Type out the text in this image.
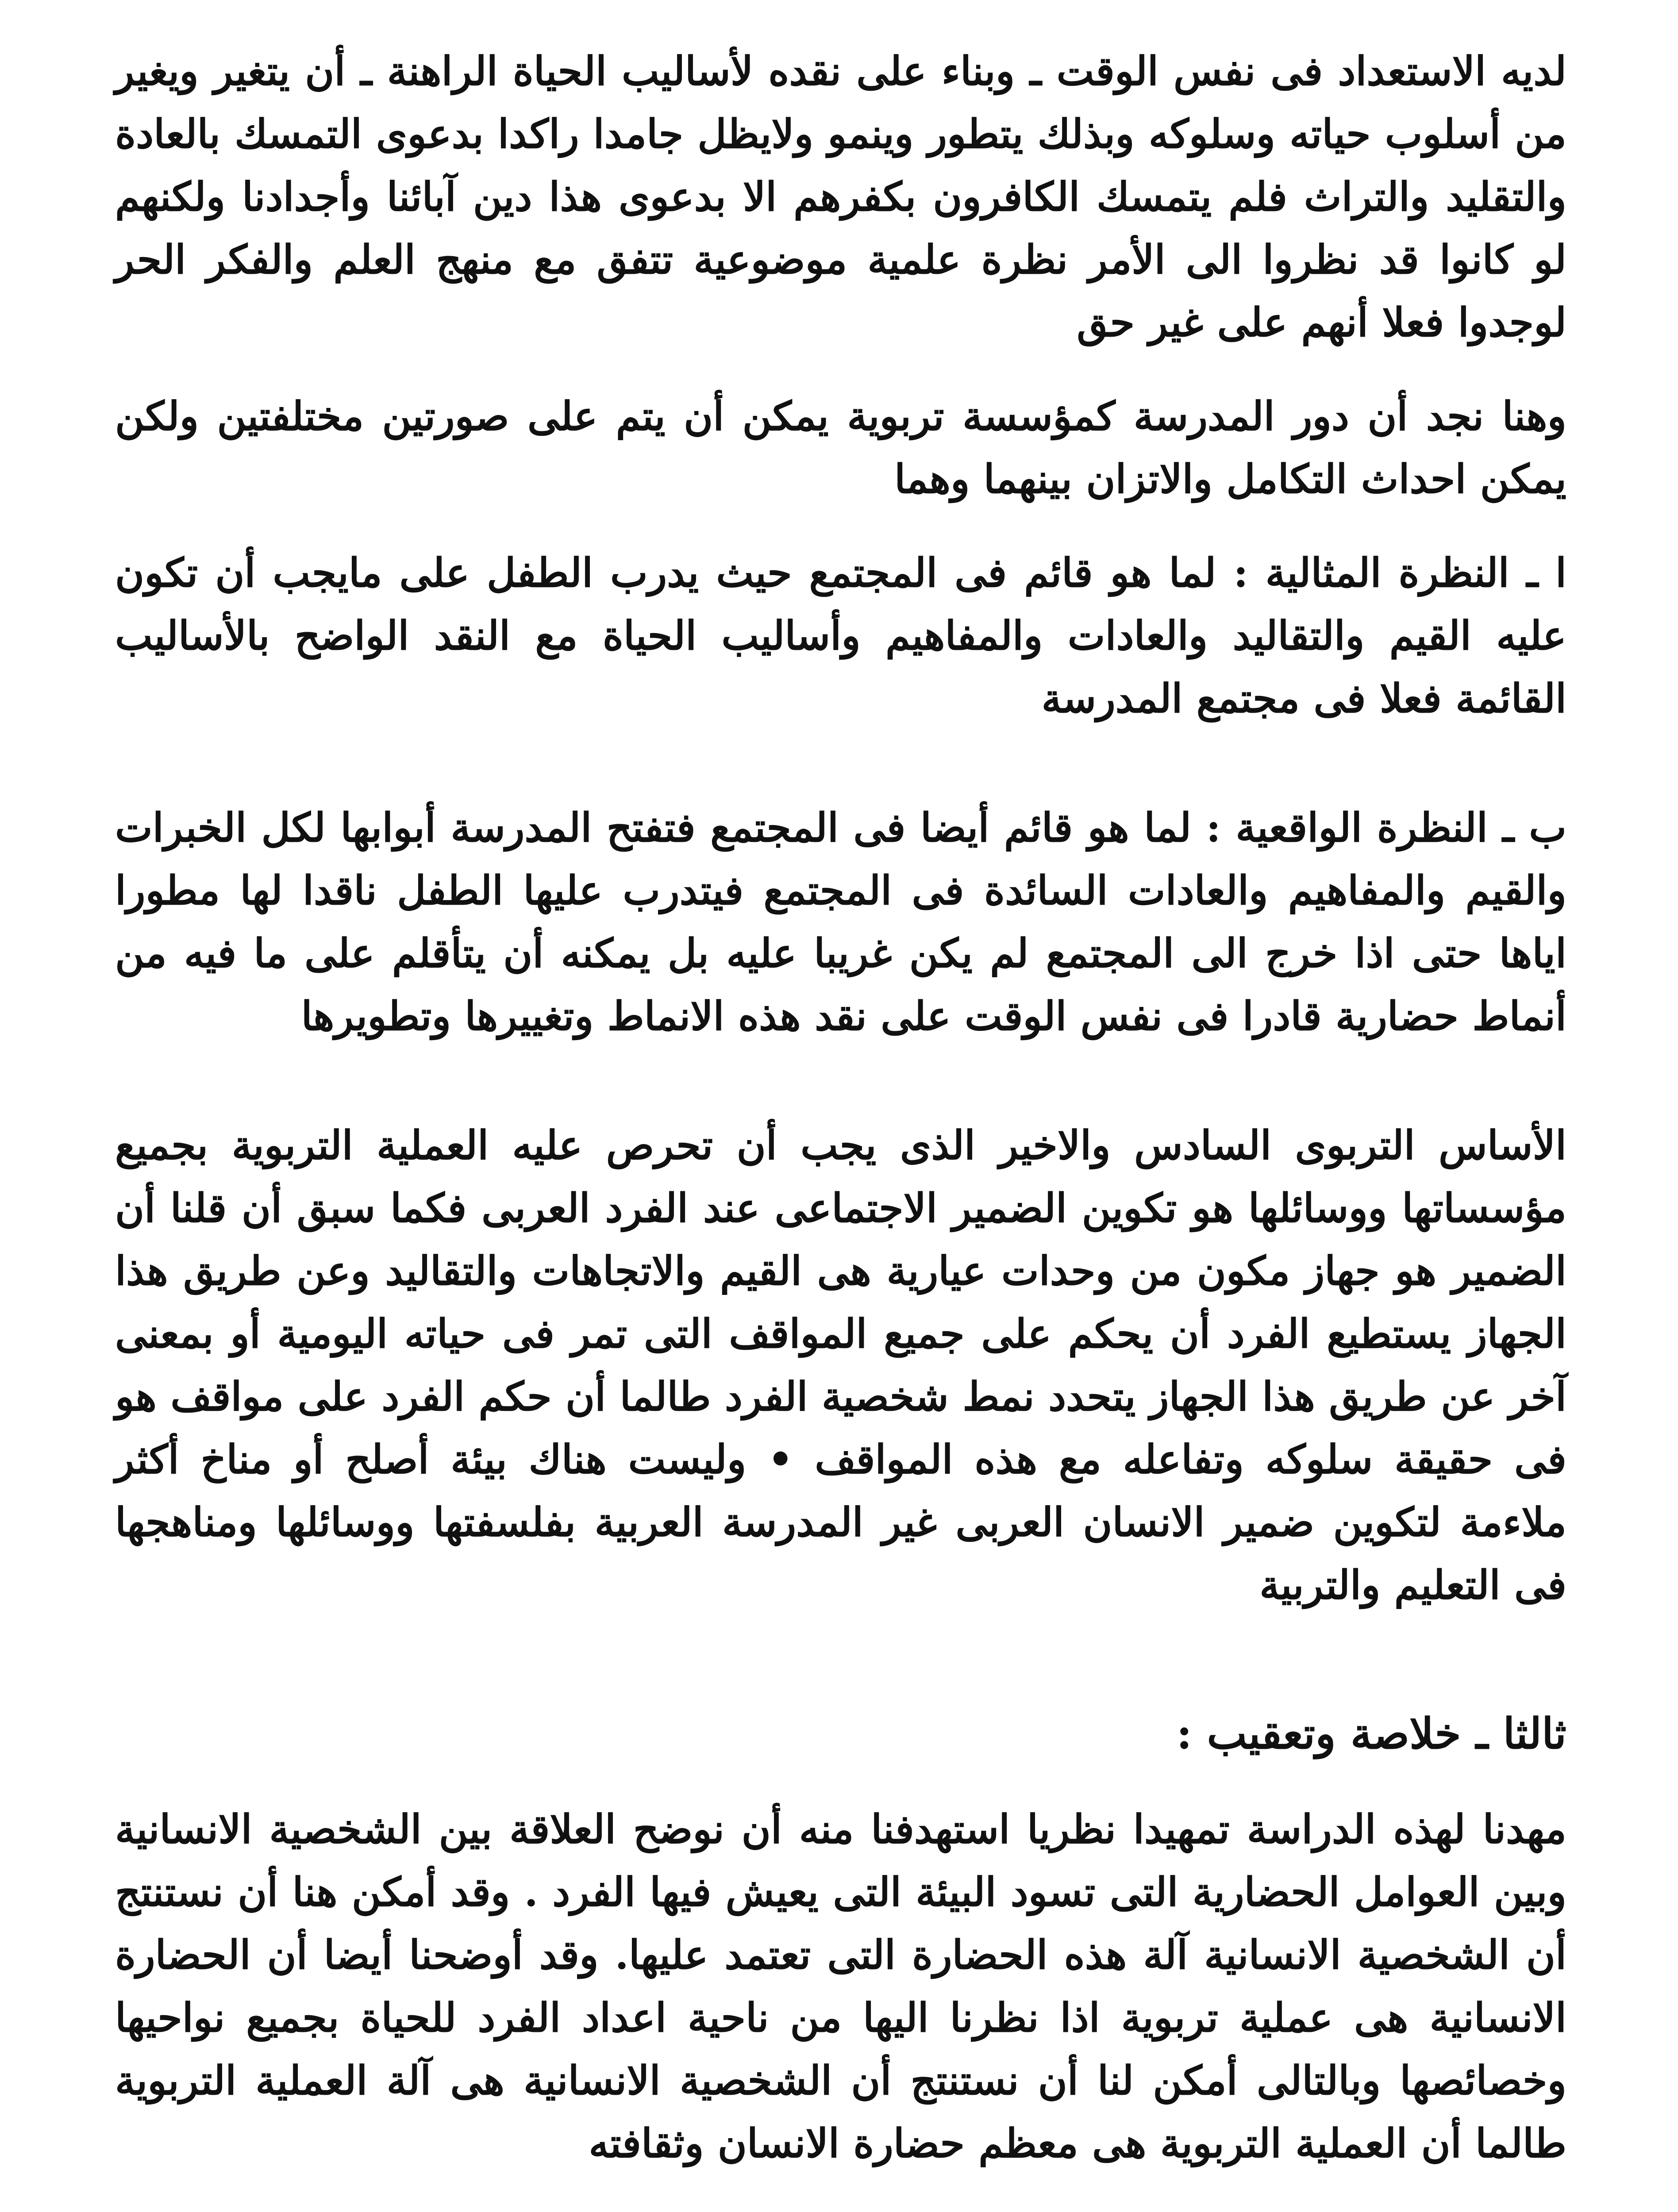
لديه الاستعداد فى نفس الوقت ـ وبناء على نقده لأساليب الحياة الراهنة ـ أن يتغير ويغير من أسلوب حياته وسلوكه وبذلك يتطور وينمو ولايظل جامدا راكدا بدعوى التمسك بالعادة والتقليد والتراث فلم يتمسك الكافرون بكفرهم الا بدعوى هذا دين آبائنا وأجدادنا ولكنهم لو كانوا قد نظروا الى الأمر نظرة علمية موضوعية تتفق مع منهج العلم والفكر الحر لوجدوا فعلا أنهم على غير حق

وهنا نجد أن دور المدرسة كمؤسسة تربوية يمكن أن يتم على صورتين مختلفتين ولكن يمكن احداث التكامل والاتزان بينهما وهما

ا ـ النظرة المثالية : لما هو قائم فى المجتمع حيث يدرب الطفل على مايجب أن تكون عليه القيم والتقاليد والعادات والمفاهيم وأساليب الحياة مع النقد الواضح بالأساليب القائمة فعلا فى مجتمع المدرسة

ب ـ النظرة الواقعية : لما هو قائم أيضا فى المجتمع فتفتح المدرسة أبوابها لكل الخبرات والقيم والمفاهيم والعادات السائدة فى المجتمع فيتدرب عليها الطفل ناقدا لها مطورا اياها حتى اذا خرج الى المجتمع لم يكن غريبا عليه بل يمكنه أن يتأقلم على ما فيه من أنماط حضارية قادرا فى نفس الوقت على نقد هذه الانماط وتغييرها وتطويرها

الأساس التربوى السادس والاخير الذى يجب أن تحرص عليه العملية التربوية بجميع مؤسساتها ووسائلها هو تكوين الضمير الاجتماعى عند الفرد العربى فكما سبق أن قلنا أن الضمير هو جهاز مكون من وحدات عيارية هى القيم والاتجاهات والتقاليد وعن طريق هذا الجهاز يستطيع الفرد أن يحكم على جميع المواقف التى تمر فى حياته اليومية أو بمعنى آخر عن طريق هذا الجهاز يتحدد نمط شخصية الفرد طالما أن حكم الفرد على مواقف هو فى حقيقة سلوكه وتفاعله مع هذه المواقف • وليست هناك بيئة أصلح أو مناخ أكثر ملاءمة لتكوين ضمير الانسان العربى غير المدرسة العربية بفلسفتها ووسائلها ومناهجها فى التعليم والتربية

ثالثا ـ خلاصة وتعقيب :

مهدنا لهذه الدراسة تمهيدا نظريا استهدفنا منه أن نوضح العلاقة بين الشخصية الانسانية وبين العوامل الحضارية التى تسود البيئة التى يعيش فيها الفرد . وقد أمكن هنا أن نستنتج أن الشخصية الانسانية آلة هذه الحضارة التى تعتمد عليها. وقد أوضحنا أيضا أن الحضارة الانسانية هى عملية تربوية اذا نظرنا اليها من ناحية اعداد الفرد للحياة بجميع نواحيها وخصائصها وبالتالى أمكن لنا أن نستنتج أن الشخصية الانسانية هى آلة العملية التربوية طالما أن العملية التربوية هى معظم حضارة الانسان وثقافته
